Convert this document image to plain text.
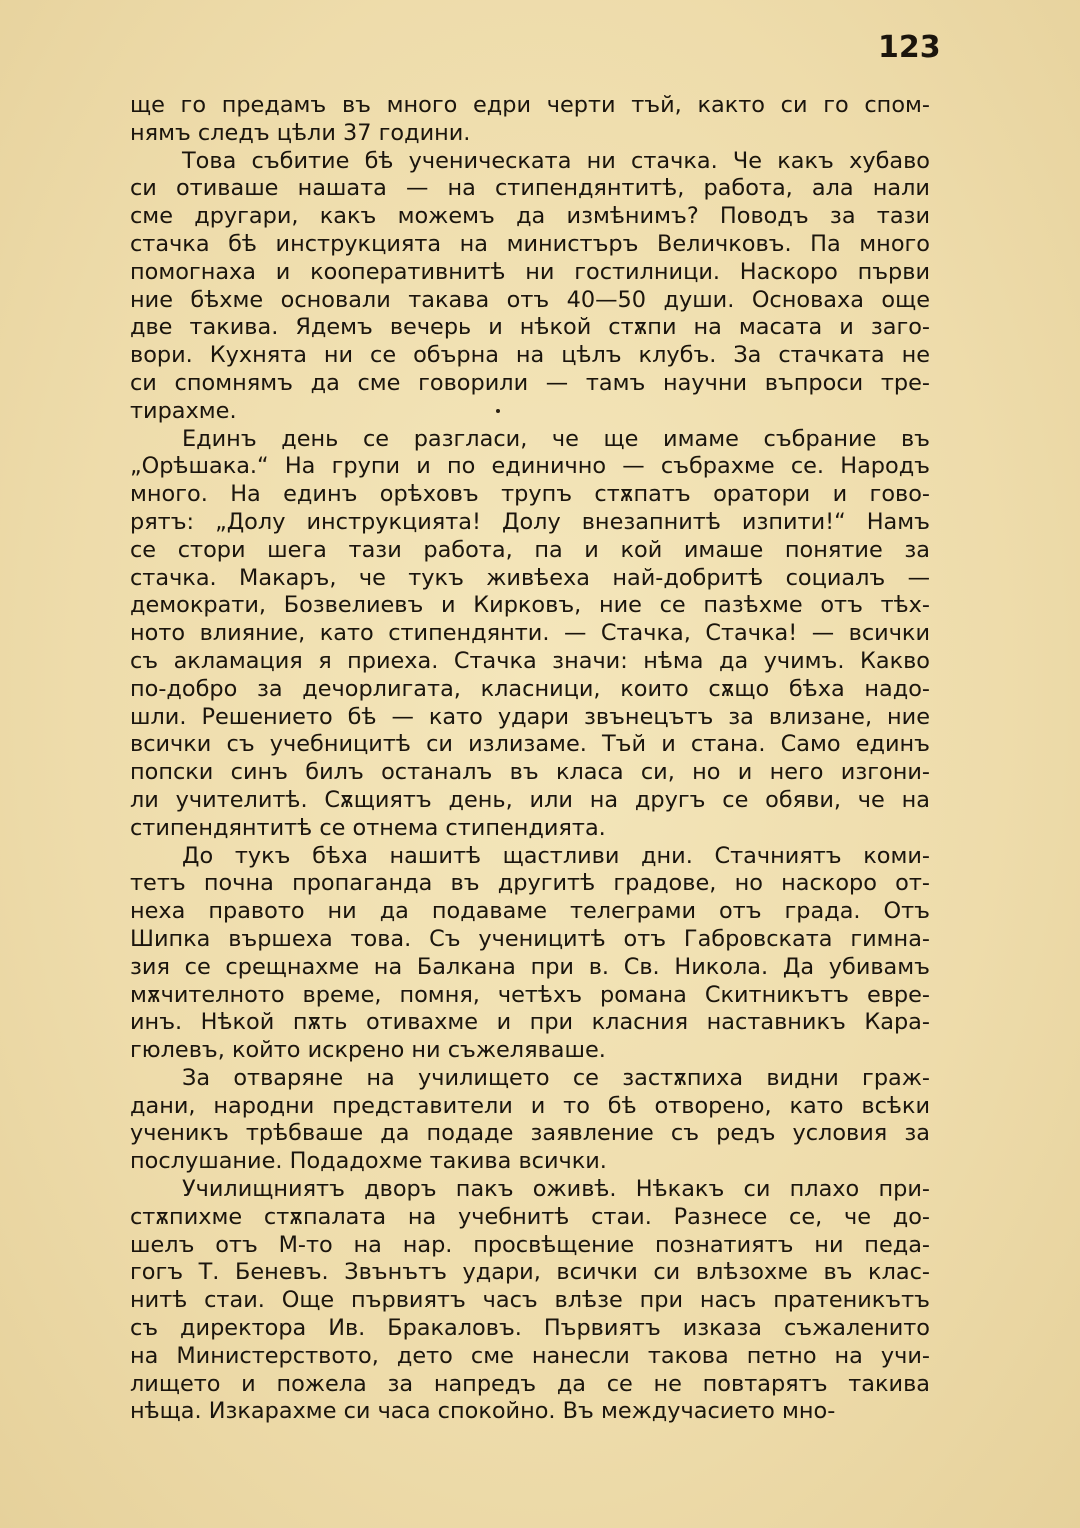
123
ще го предамъ въ много едри черти тъй, както си го спом-
нямъ следъ цѣли 37 години.
Това събитие бѣ ученическата ни стачка. Че какъ хубаво
си отиваше нашата — на стипендянтитѣ, работа, ала нали
сме другари, какъ можемъ да измѣнимъ? Поводъ за тази
стачка бѣ инструкцията на министъръ Величковъ. Па много
помогнаха и кооперативнитѣ ни гостилници. Наскоро първи
ние бѣхме основали такава отъ 40—50 души. Основаха още
две такива. Ядемъ вечерь и нѣкой стѫпи на масата и заго-
вори. Кухнята ни се обърна на цѣлъ клубъ. За стачката не
си спомнямъ да сме говорили — тамъ научни въпроси тре-
тирахме.
Единъ день се разгласи, че ще имаме събрание въ
„Орѣшака.“ На групи и по единично — събрахме се. Народъ
много. На единъ орѣховъ трупъ стѫпатъ оратори и гово-
рятъ: „Долу инструкцията! Долу внезапнитѣ изпити!“ Намъ
се стори шега тази работа, па и кой имаше понятие за
стачка. Макаръ, че тукъ живѣеха най-добритѣ социалъ —
демократи, Бозвелиевъ и Кирковъ, ние се пазѣхме отъ тѣх-
ното влияние, като стипендянти. — Стачка, Стачка! — всички
съ акламация я приеха. Стачка значи: нѣма да учимъ. Какво
по-добро за дечорлигата, класници, които сѫщо бѣха надо-
шли. Решението бѣ — като удари звънецътъ за влизане, ние
всички съ учебницитѣ си излизаме. Тъй и стана. Само единъ
попски синъ билъ останалъ въ класа си, но и него изгони-
ли учителитѣ. Сѫщиятъ день, или на другъ се обяви, че на
стипендянтитѣ се отнема стипендията.
До тукъ бѣха нашитѣ щастливи дни. Стачниятъ коми-
тетъ почна пропаганда въ другитѣ градове, но наскоро от-
неха правото ни да подаваме телеграми отъ града. Отъ
Шипка вършеха това. Съ ученицитѣ отъ Габровската гимна-
зия се срещнахме на Балкана при в. Св. Никола. Да убивамъ
мѫчителното време, помня, четѣхъ романа Скитникътъ евре-
инъ. Нѣкой пѫть отивахме и при класния наставникъ Кара-
гюлевъ, който искрено ни съжеляваше.
За отваряне на училището се застѫпиха видни граж-
дани, народни представители и то бѣ отворено, като всѣки
ученикъ трѣбваше да подаде заявление съ редъ условия за
послушание. Подадохме такива всички.
Училищниятъ дворъ пакъ оживѣ. Нѣкакъ си плахо при-
стѫпихме стѫпалата на учебнитѣ стаи. Разнесе се, че до-
шелъ отъ М-то на нар. просвѣщение познатиятъ ни педа-
гогъ Т. Беневъ. Звънътъ удари, всички си влѣзохме въ клас-
нитѣ стаи. Още първиятъ часъ влѣзе при насъ пратеникътъ
съ директора Ив. Бракаловъ. Първиятъ изказа съжаленито
на Министерството, дето сме нанесли такова петно на учи-
лището и пожела за напредъ да се не повтарятъ такива
нѣща. Изкарахме си часа спокойно. Въ междучасието мно-
